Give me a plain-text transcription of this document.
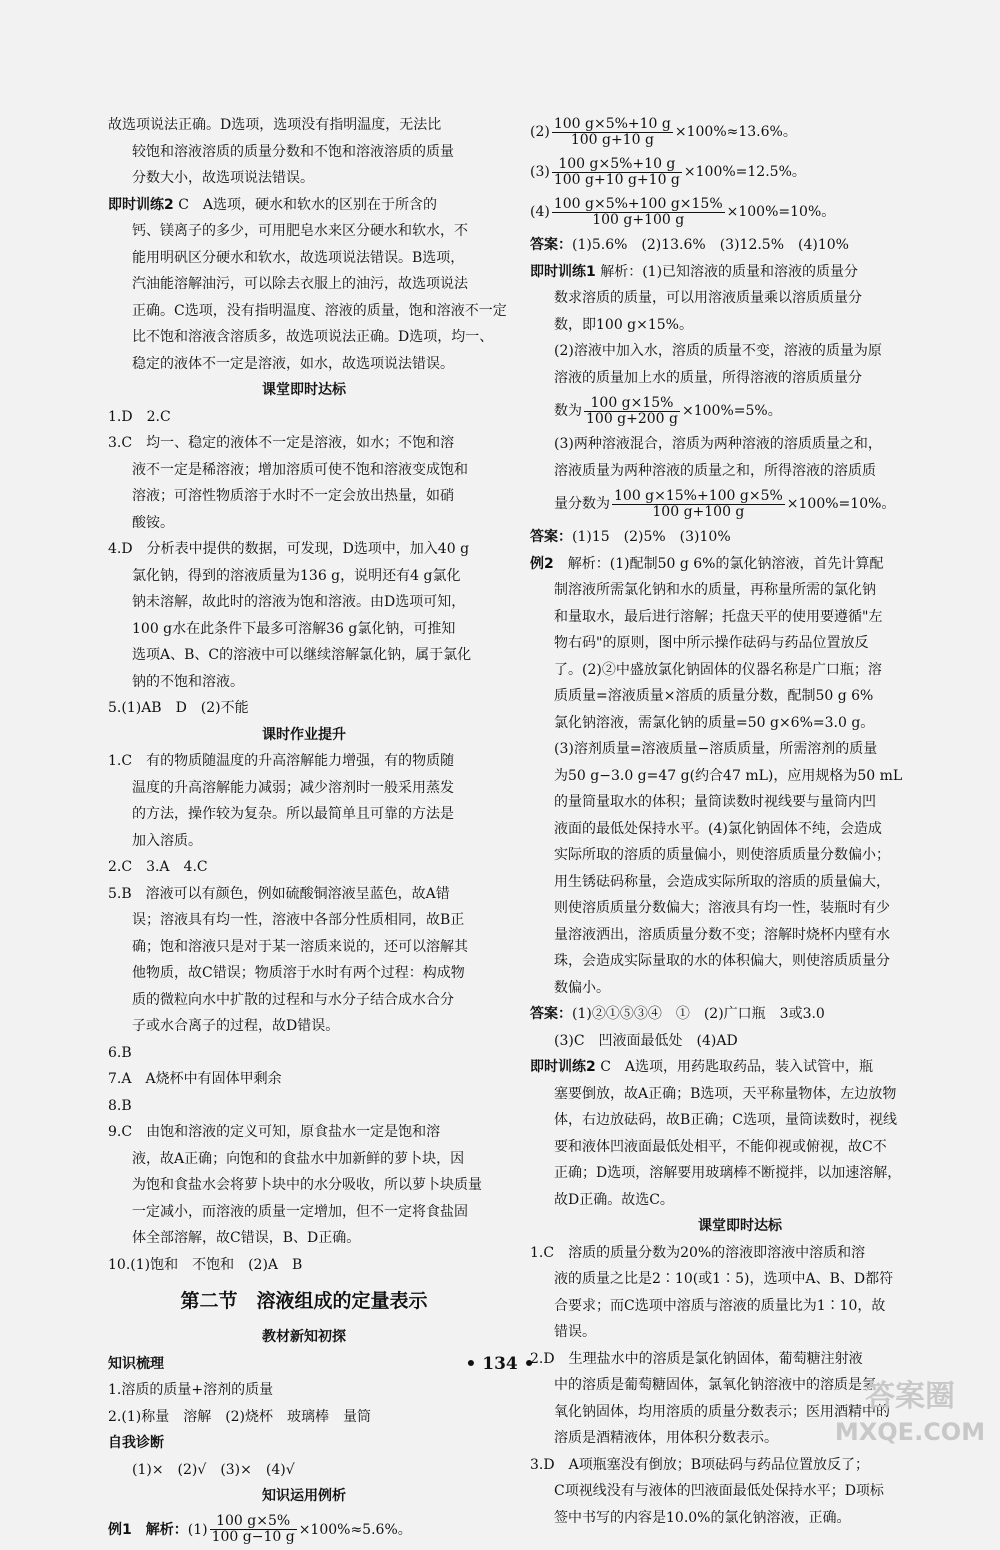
故选项说法正确。D选项，选项没有指明温度，无法比
较饱和溶液溶质的质量分数和不饱和溶液溶质的质量
分数大小，故选项说法错误。
即时训练2 C　A选项，硬水和软水的区别在于所含的
钙、镁离子的多少，可用肥皂水来区分硬水和软水，不
能用明矾区分硬水和软水，故选项说法错误。B选项，
汽油能溶解油污，可以除去衣服上的油污，故选项说法
正确。C选项，没有指明温度、溶液的质量，饱和溶液不一定
比不饱和溶液含溶质多，故选项说法正确。D选项，均一、
稳定的液体不一定是溶液，如水，故选项说法错误。
课堂即时达标
1.D　2.C
3.C　均一、稳定的液体不一定是溶液，如水；不饱和溶
液不一定是稀溶液；增加溶质可使不饱和溶液变成饱和
溶液；可溶性物质溶于水时不一定会放出热量，如硝
酸铵。
4.D　分析表中提供的数据，可发现，D选项中，加入40 g
氯化钠，得到的溶液质量为136 g，说明还有4 g氯化
钠未溶解，故此时的溶液为饱和溶液。由D选项可知，
100 g水在此条件下最多可溶解36 g氯化钠，可推知
选项A、B、C的溶液中可以继续溶解氯化钠，属于氯化
钠的不饱和溶液。
5.(1)AB　D　(2)不能
课时作业提升
1.C　有的物质随温度的升高溶解能力增强，有的物质随
温度的升高溶解能力减弱；减少溶剂时一般采用蒸发
的方法，操作较为复杂。所以最简单且可靠的方法是
加入溶质。
2.C　3.A　4.C
5.B　溶液可以有颜色，例如硫酸铜溶液呈蓝色，故A错
误；溶液具有均一性，溶液中各部分性质相同，故B正
确；饱和溶液只是对于某一溶质来说的，还可以溶解其
他物质，故C错误；物质溶于水时有两个过程：构成物
质的微粒向水中扩散的过程和与水分子结合成水合分
子或水合离子的过程，故D错误。
6.B
7.A　A烧杯中有固体甲剩余
8.B
9.C　由饱和溶液的定义可知，原食盐水一定是饱和溶
液，故A正确；向饱和的食盐水中加新鲜的萝卜块，因
为饱和食盐水会将萝卜块中的水分吸收，所以萝卜块质量
一定减小，而溶液的质量一定增加，但不一定将食盐固
体全部溶解，故C错误，B、D正确。
10.(1)饱和　不饱和　(2)A　B
第二节　溶液组成的定量表示
教材新知初探
知识梳理
1.溶质的质量+溶剂的质量
2.(1)称量　溶解　(2)烧杯　玻璃棒　量筒
自我诊断
(1)×　(2)√　(3)×　(4)√
知识运用例析
例1　解析：$(1) \frac{100 g\times 5\%}{100 g-10 g} \times 100\%\approx 5.6\%$。
$(2) \frac{100 g\times 5\%+10 g}{100 g+10 g} \times 100\%\approx 13.6\%$。
$(3) \frac{100 g\times 5\%+10 g}{100 g+10 g+10 g} \times 100\%=12.5\%$。
$(4) \frac{100 g\times 5\%+100 g\times 15\%}{100 g+100 g} \times 100\%=10\%$。
答案：(1)5.6%　(2)13.6%　(3)12.5%　(4)10%
即时训练1 解析：(1)已知溶液的质量和溶液的质量分
数求溶质的质量，可以用溶液质量乘以溶质质量分
数，即100 g×15%。
(2)溶液中加入水，溶质的质量不变，溶液的质量为原
溶液的质量加上水的质量，所得溶液的溶质质量分
数为 $\frac{100 g\times 15\%}{100 g+200 g} \times 100\%=5\%$。
(3)两种溶液混合，溶质为两种溶液的溶质质量之和，
溶液质量为两种溶液的质量之和，所得溶液的溶质质
量分数为 $\frac{100 g\times 15\%+100 g\times 5\%}{100 g+100 g} \times 100\%=10\%$。
答案：(1)15　(2)5%　(3)10%
例2　 解析：(1)配制50 g 6%的氯化钠溶液，首先计算配
制溶液所需氯化钠和水的质量，再称量所需的氯化钠
和量取水，最后进行溶解；托盘天平的使用要遵循"左
物右码"的原则，图中所示操作砝码与药品位置放反
了。(2)②中盛放氯化钠固体的仪器名称是广口瓶；溶
质质量=溶液质量×溶质的质量分数，配制50 g 6%
氯化钠溶液，需氯化钠的质量=50 g×6%=3.0 g。
(3)溶剂质量=溶液质量−溶质质量，所需溶剂的质量
为50 g−3.0 g=47 g(约合47 mL)，应用规格为50 mL
的量筒量取水的体积；量筒读数时视线要与量筒内凹
液面的最低处保持水平。(4)氯化钠固体不纯，会造成
实际所取的溶质的质量偏小，则使溶质质量分数偏小；
用生锈砝码称量，会造成实际所取的溶质的质量偏大，
则使溶质质量分数偏大；溶液具有均一性，装瓶时有少
量溶液洒出，溶质质量分数不变；溶解时烧杯内壁有水
珠，会造成实际量取的水的体积偏大，则使溶质质量分
数偏小。
答案：(1)②①⑤③④　①　(2)广口瓶　3或3.0
(3)C　凹液面最低处　(4)AD
即时训练2 C　A选项，用药匙取药品，装入试管中，瓶
塞要倒放，故A正确；B选项，天平称量物体，左边放物
体，右边放砝码，故B正确；C选项，量筒读数时，视线
要和液体凹液面最低处相平，不能仰视或俯视，故C不
正确；D选项，溶解要用玻璃棒不断搅拌，以加速溶解，
故D正确。故选C。
课堂即时达标
1.C　溶质的质量分数为20%的溶液即溶液中溶质和溶
液的质量之比是2∶10(或1∶5)，选项中A、B、D都符
合要求；而C选项中溶质与溶液的质量比为1∶10，故
错误。
2.D　生理盐水中的溶质是氯化钠固体，葡萄糖注射液
中的溶质是葡萄糖固体，氯氧化钠溶液中的溶质是氢
氧化钠固体，均用溶质的质量分数表示；医用酒精中的
溶质是酒精液体，用体积分数表示。
3.D　A项瓶塞没有倒放；B项砝码与药品位置放反了；
C项视线没有与液体的凹液面最低处保持水平；D项标
签中书写的内容是10.0%的氯化钠溶液，正确。
• 134 •
答案圈
MXQE.COM
